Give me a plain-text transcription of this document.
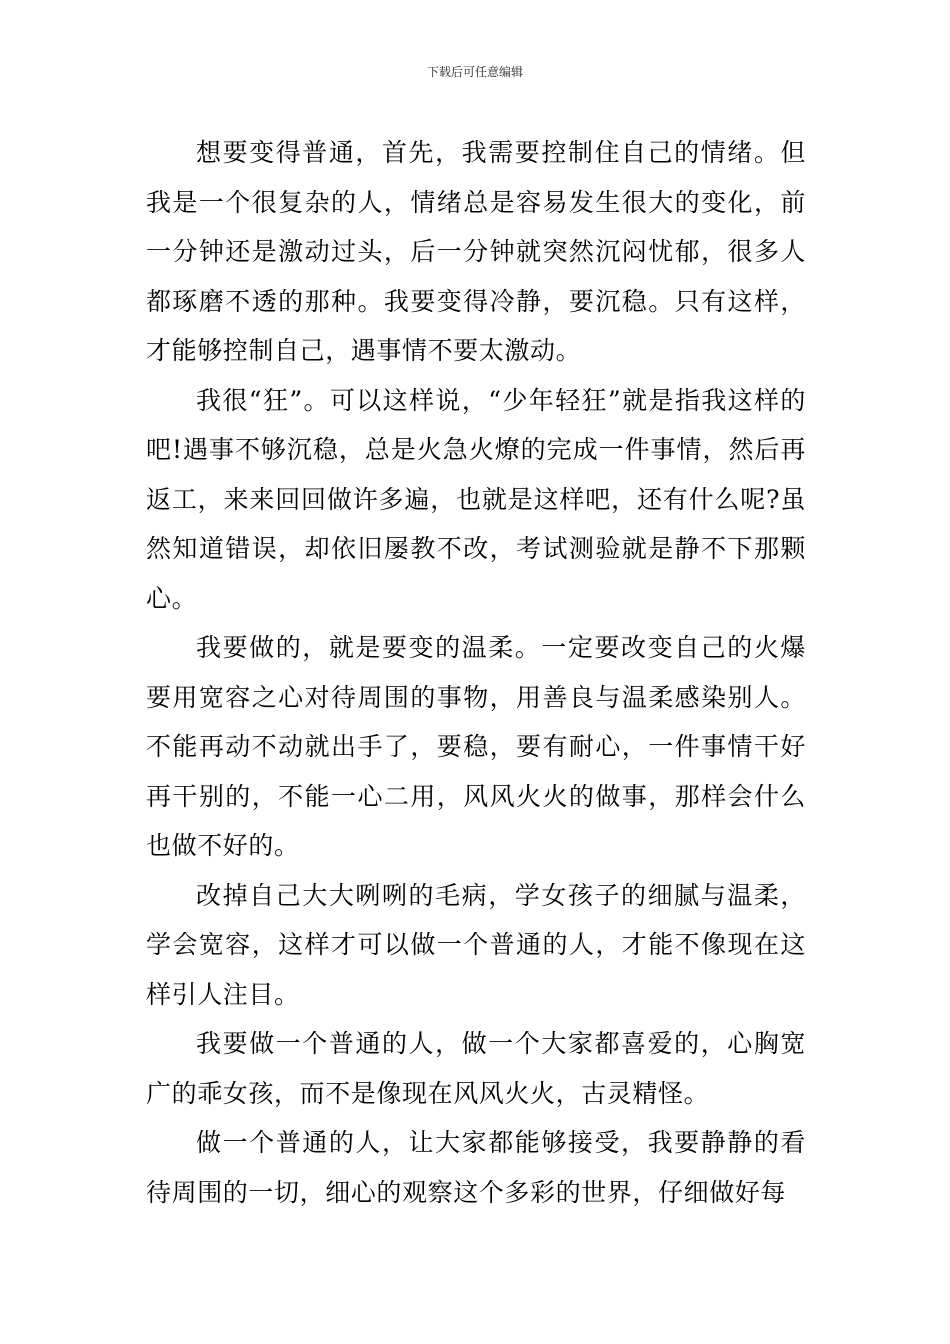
下载后可任意编辑

想要变得普通，首先，我需要控制住自己的情绪。但我是一个很复杂的人，情绪总是容易发生很大的变化，前一分钟还是激动过头，后一分钟就突然沉闷忧郁，很多人都琢磨不透的那种。我要变得冷静，要沉稳。只有这样，才能够控制自己，遇事情不要太激动。

我很“狂”。可以这样说，“少年轻狂”就是指我这样的吧!遇事不够沉稳，总是火急火燎的完成一件事情，然后再返工，来来回回做许多遍，也就是这样吧，还有什么呢?虽然知道错误，却依旧屡教不改，考试测验就是静不下那颗心。

我要做的，就是要变的温柔。一定要改变自己的火爆要用宽容之心对待周围的事物，用善良与温柔感染别人。不能再动不动就出手了，要稳，要有耐心，一件事情干好再干别的，不能一心二用，风风火火的做事，那样会什么也做不好的。

改掉自己大大咧咧的毛病，学女孩子的细腻与温柔，学会宽容，这样才可以做一个普通的人，才能不像现在这样引人注目。

我要做一个普通的人，做一个大家都喜爱的，心胸宽广的乖女孩，而不是像现在风风火火，古灵精怪。

做一个普通的人，让大家都能够接受，我要静静的看待周围的一切，细心的观察这个多彩的世界，仔细做好每
